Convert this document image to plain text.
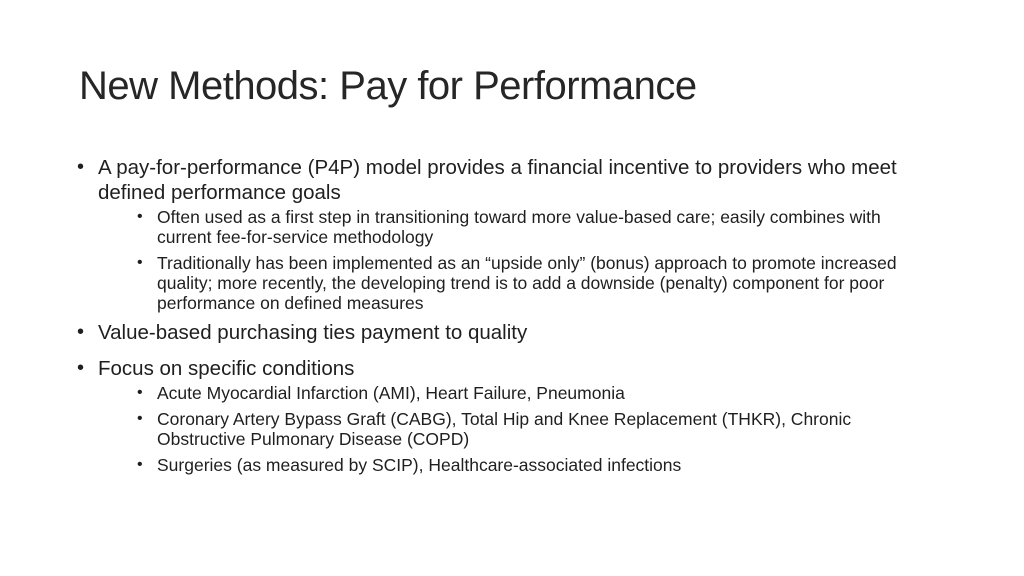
New Methods: Pay for Performance
• A pay-for-performance (P4P) model provides a financial incentive to providers who meet defined performance goals
• Often used as a first step in transitioning toward more value-based care; easily combines with current fee-for-service methodology
• Traditionally has been implemented as an “upside only” (bonus) approach to promote increased quality; more recently, the developing trend is to add a downside (penalty) component for poor performance on defined measures
• Value-based purchasing ties payment to quality
• Focus on specific conditions
• Acute Myocardial Infarction (AMI), Heart Failure, Pneumonia
• Coronary Artery Bypass Graft (CABG), Total Hip and Knee Replacement (THKR), Chronic Obstructive Pulmonary Disease (COPD)
• Surgeries (as measured by SCIP), Healthcare-associated infections
